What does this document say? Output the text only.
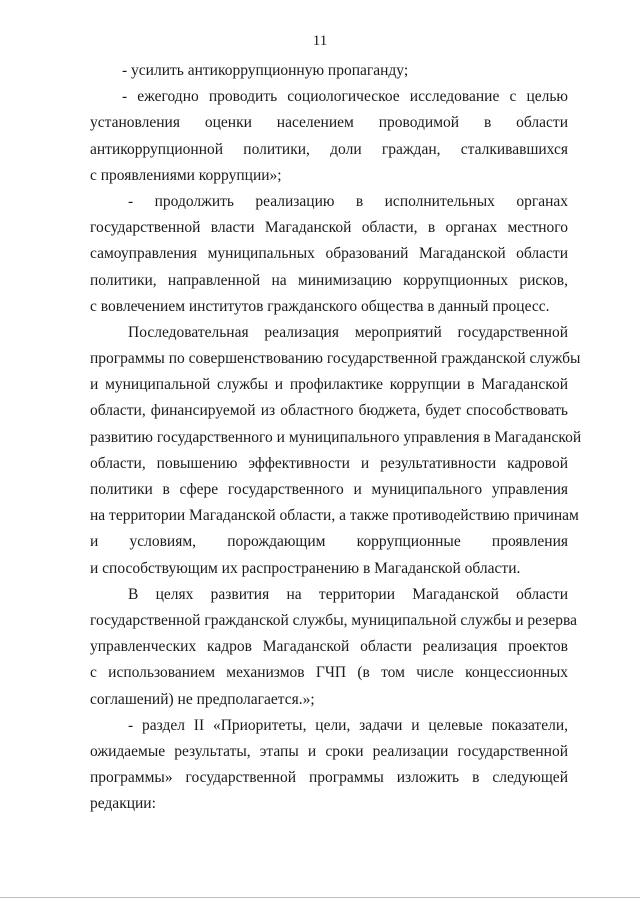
11
- усилить антикоррупционную пропаганду;
- ежегодно проводить социологическое исследование с целью
установления оценки населением проводимой в области
антикоррупционной политики, доли граждан, сталкивавшихся
с проявлениями коррупции»;
- продолжить реализацию в исполнительных органах
государственной власти Магаданской области, в органах местного
самоуправления муниципальных образований Магаданской области
политики, направленной на минимизацию коррупционных рисков,
с вовлечением институтов гражданского общества в данный процесс.
Последовательная реализация мероприятий государственной
программы по совершенствованию государственной гражданской службы
и муниципальной службы и профилактике коррупции в Магаданской
области, финансируемой из областного бюджета, будет способствовать
развитию государственного и муниципального управления в Магаданской
области, повышению эффективности и результативности кадровой
политики в сфере государственного и муниципального управления
на территории Магаданской области, а также противодействию причинам
и условиям, порождающим коррупционные проявления
и способствующим их распространению в Магаданской области.
В целях развития на территории Магаданской области
государственной гражданской службы, муниципальной службы и резерва
управленческих кадров Магаданской области реализация проектов
с использованием механизмов ГЧП (в том числе концессионных
соглашений) не предполагается.»;
- раздел II «Приоритеты, цели, задачи и целевые показатели,
ожидаемые результаты, этапы и сроки реализации государственной
программы» государственной программы изложить в следующей
редакции:
